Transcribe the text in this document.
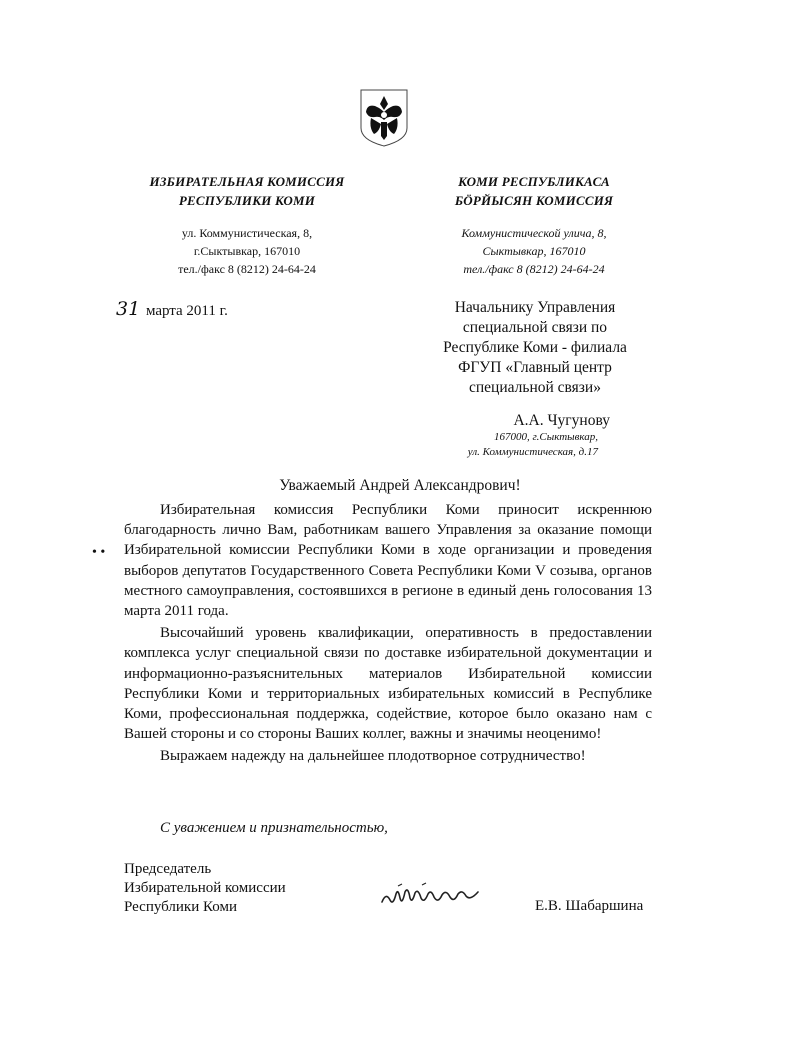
ИЗБИРАТЕЛЬНАЯ КОМИССИЯ
РЕСПУБЛИКИ КОМИ
ул. Коммунистическая, 8,
г.Сыктывкар, 167010
тел./факс 8 (8212) 24-64-24
КОМИ РЕСПУБЛИКАСА
БÖРЙЫСЯН КОМИССИЯ
Коммунистической улича, 8,
Сыктывкар, 167010
тел./факс 8 (8212) 24-64-24
31 марта 2011 г.	Начальнику Управления
специальной связи по
Республике Коми - филиала
ФГУП «Главный центр
специальной связи»
А.А. Чугунову
167000, г.Сыктывкар,
ул. Коммунистическая, д.17
Уважаемый Андрей Александрович!
• •

Избирательная комиссия Республики Коми приносит искреннюю благодарность лично Вам, работникам вашего Управления за оказание помощи Избирательной комиссии Республики Коми в ходе организации и проведения выборов депутатов Государственного Совета Республики Коми V созыва, органов местного самоуправления, состоявшихся в регионе в единый день голосования 13 марта 2011 года.

Высочайший уровень квалификации, оперативность в предоставлении комплекса услуг специальной связи по доставке избирательной документации и информационно-разъяснительных материалов Избирательной комиссии Республики Коми и территориальных избирательных комиссий в Республике Коми, профессиональная поддержка, содействие, которое было оказано нам с Вашей стороны и со стороны Ваших коллег, важны и значимы неоценимо!

Выражаем надежду на дальнейшее плодотворное сотрудничество!

С уважением и признательностью,
Председатель
Избирательной комиссии
Республики Коми	Е.В. Шабаршина
